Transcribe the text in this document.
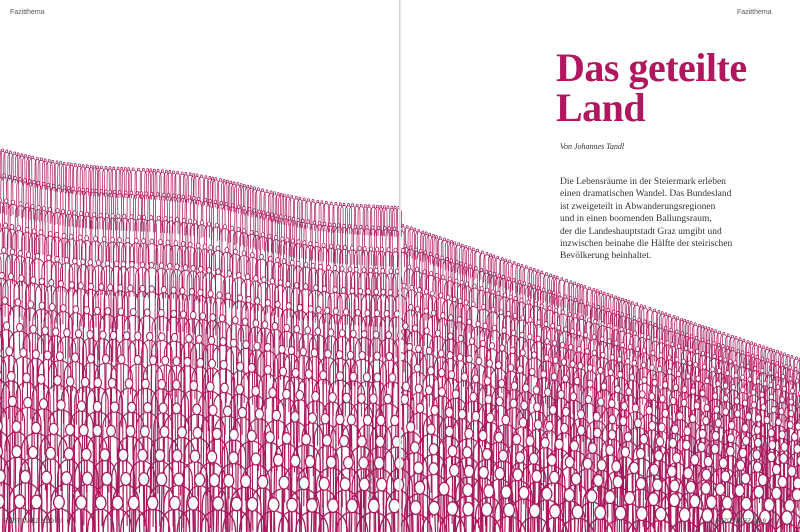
Fazitthema	Fazitthema
Das geteilte
Land
Von Johannes Tandl
Die Lebensräume in der Steiermark erleben
einen dramatischen Wandel. Das Bundesland
ist zweigeteilt in Abwanderungsregionen
und in einen boomenden Ballungsraum,
der die Landeshauptstadt Graz umgibt und
inzwischen beinahe die Hälfte der steirischen
Bevölkerung beinhaltet.
Grafik: Jara Jursic
FAZIT MÄRZ 2019 // 6	FAZIT MÄRZ 2019 // 7
